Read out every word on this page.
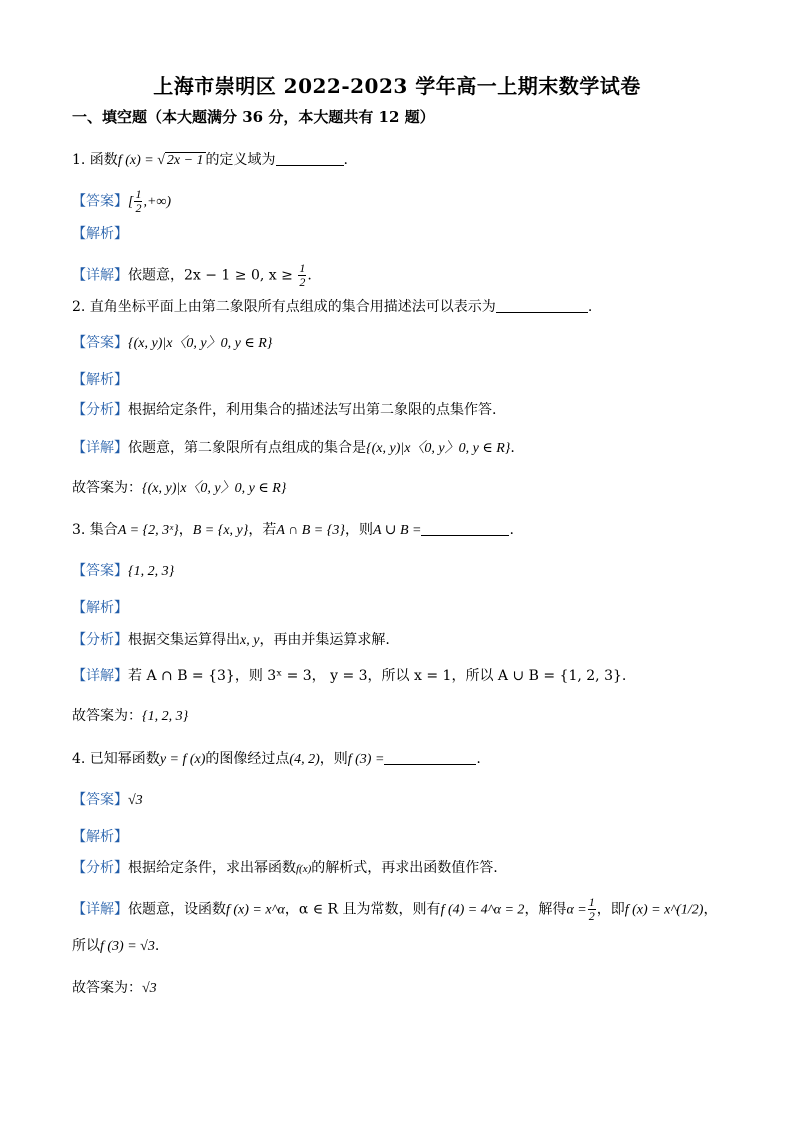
上海市崇明区 2022-2023 学年高一上期末数学试卷
一、填空题（本大题满分 36 分，本大题共有 12 题）
1. 函数f (x) = √ 2x − 1 的定义域为	.
【答案】[ $\frac{1}{2}$ ,+∞)
【解析】
【详解】依题意，2x − 1 ≥ 0, $x \ge \frac{1}{2}$ .
2. 直角坐标平面上由第二象限所有点组成的集合用描述法可以表示为	.
【答案】{(x, y)|x〈0, y〉0, y ∈ R}
【解析】
【分析】根据给定条件，利用集合的描述法写出第二象限的点集作答.
【详解】依题意，第二象限所有点组成的集合是{(x, y)|x〈0, y〉0, y ∈ R}.
故答案为：{(x, y)|x〈0, y〉0, y ∈ R}
3. 集合A = {2, 3ˣ}，B = {x, y}，若A ∩ B = {3}，则A ∪ B =	.
【答案】{1, 2, 3}
【解析】
【分析】根据交集运算得出x, y，再由并集运算求解.
【详解】若 A ∩ B = {3}，则 3ˣ = 3， y = 3，所以 x = 1，所以 A ∪ B = {1, 2, 3}.
故答案为：{1, 2, 3}
4. 已知幂函数y = f (x)的图像经过点(4, 2)，则f (3) =	.
【答案】√3
【解析】
【分析】根据给定条件，求出幂函数f(x)的解析式，再求出函数值作答.
【详解】依题意，设函数f (x) = x^α，α ∈ R 且为常数，则有f (4) = 4^α = 2，解得$\alpha = \frac{1}{2}$ ，即f (x) = x^(1/2)，
所以f (3) = √3.
故答案为：√3
